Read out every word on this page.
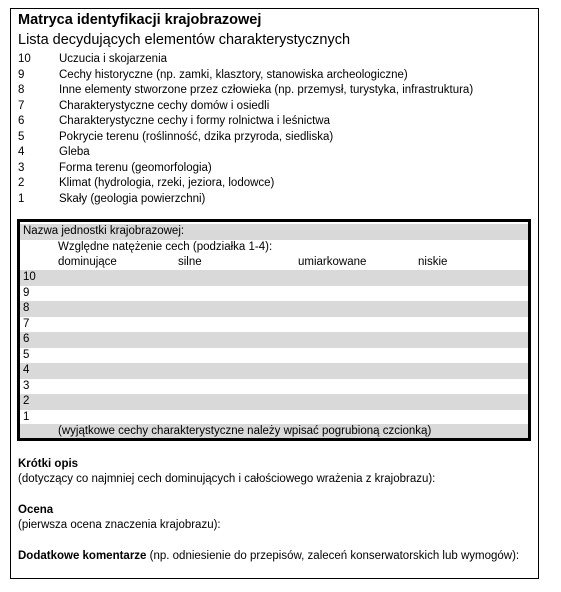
Matryca identyfikacji krajobrazowej
Lista decydujących elementów charakterystycznych
10 Uczucia i skojarzenia
9	Cechy historyczne (np. zamki, klasztory, stanowiska archeologiczne)
8	Inne elementy stworzone przez człowieka (np. przemysł, turystyka, infrastruktura)
7	Charakterystyczne cechy domów i osiedli
6	Charakterystyczne cechy i formy rolnictwa i leśnictwa
5	Pokrycie terenu (roślinność, dzika przyroda, siedliska)
4	Gleba
3	Forma terenu (geomorfologia)
2	Klimat (hydrologia, rzeki, jeziora, lodowce)
1	Skały (geologia powierzchni)
Nazwa jednostki krajobrazowej:
Względne natężenie cech (podziałka 1-4):
dominujące	silne	umiarkowane	niskie
10
9
8
7
6
5
4
3
2
1
(wyjątkowe cechy charakterystyczne należy wpisać pogrubioną czcionką)
Krótki opis
(dotyczący co najmniej cech dominujących i całościowego wrażenia z krajobrazu):
Ocena
(pierwsza ocena znaczenia krajobrazu):
Dodatkowe komentarze (np. odniesienie do przepisów, zaleceń konserwatorskich lub wymogów):
